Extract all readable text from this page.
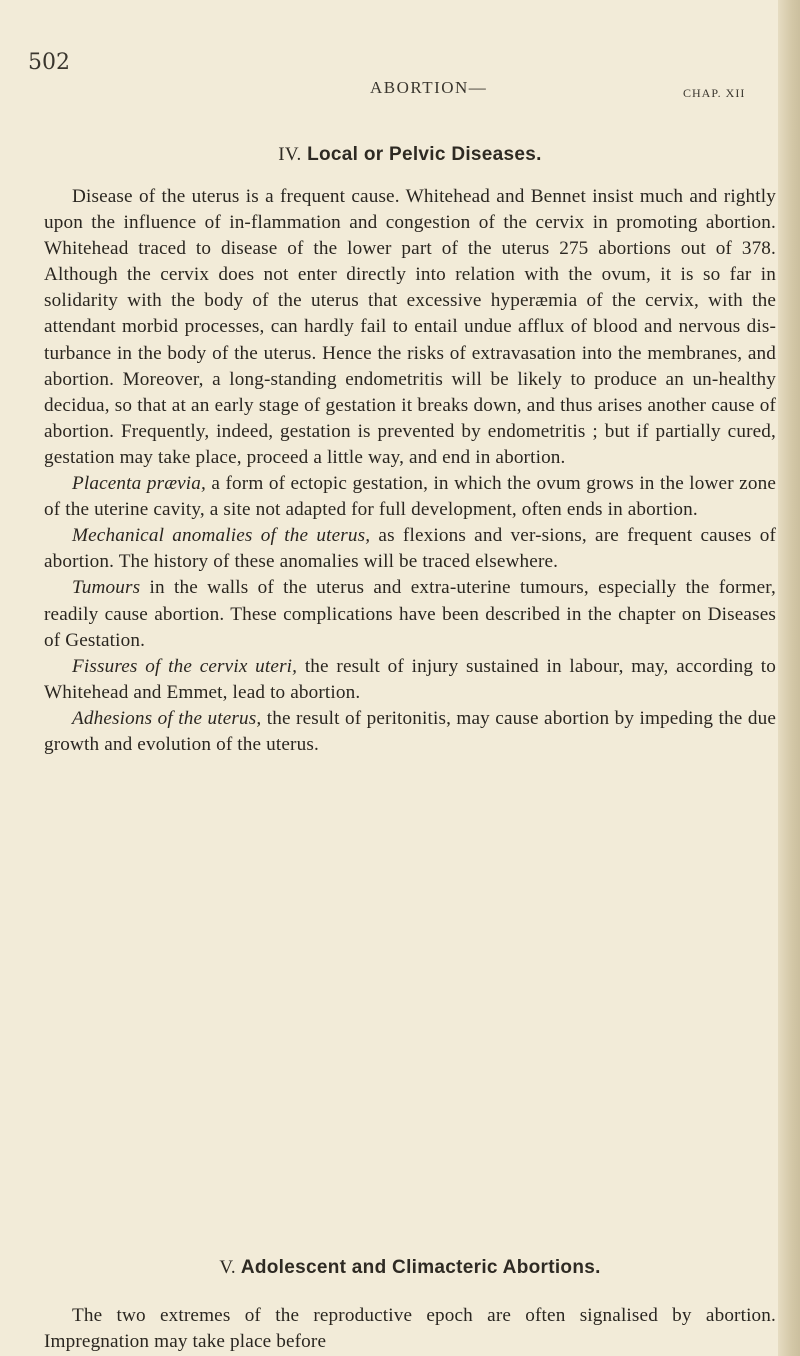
502
ABORTION—	CHAP. XII
IV. Local or Pelvic Diseases.

Disease of the uterus is a frequent cause. Whitehead and Bennet insist much and rightly upon the influence of in-flammation and congestion of the cervix in promoting abortion. Whitehead traced to disease of the lower part of the uterus 275 abortions out of 378. Although the cervix does not enter directly into relation with the ovum, it is so far in solidarity with the body of the uterus that excessive hyperæmia of the cervix, with the attendant morbid processes, can hardly fail to entail undue afflux of blood and nervous dis-turbance in the body of the uterus. Hence the risks of extravasation into the membranes, and abortion. Moreover, a long-standing endometritis will be likely to produce an un-healthy decidua, so that at an early stage of gestation it breaks down, and thus arises another cause of abortion. Frequently, indeed, gestation is prevented by endometritis ; but if partially cured, gestation may take place, proceed a little way, and end in abortion.

Placenta prævia, a form of ectopic gestation, in which the ovum grows in the lower zone of the uterine cavity, a site not adapted for full development, often ends in abortion.

Mechanical anomalies of the uterus, as flexions and ver-sions, are frequent causes of abortion. The history of these anomalies will be traced elsewhere.

Tumours in the walls of the uterus and extra-uterine tumours, especially the former, readily cause abortion. These complications have been described in the chapter on Diseases of Gestation.

Fissures of the cervix uteri, the result of injury sustained in labour, may, according to Whitehead and Emmet, lead to abortion.

Adhesions of the uterus, the result of peritonitis, may cause abortion by impeding the due growth and evolution of the uterus.

V. Adolescent and Climacteric Abortions.

The two extremes of the reproductive epoch are often signalised by abortion. Impregnation may take place before
